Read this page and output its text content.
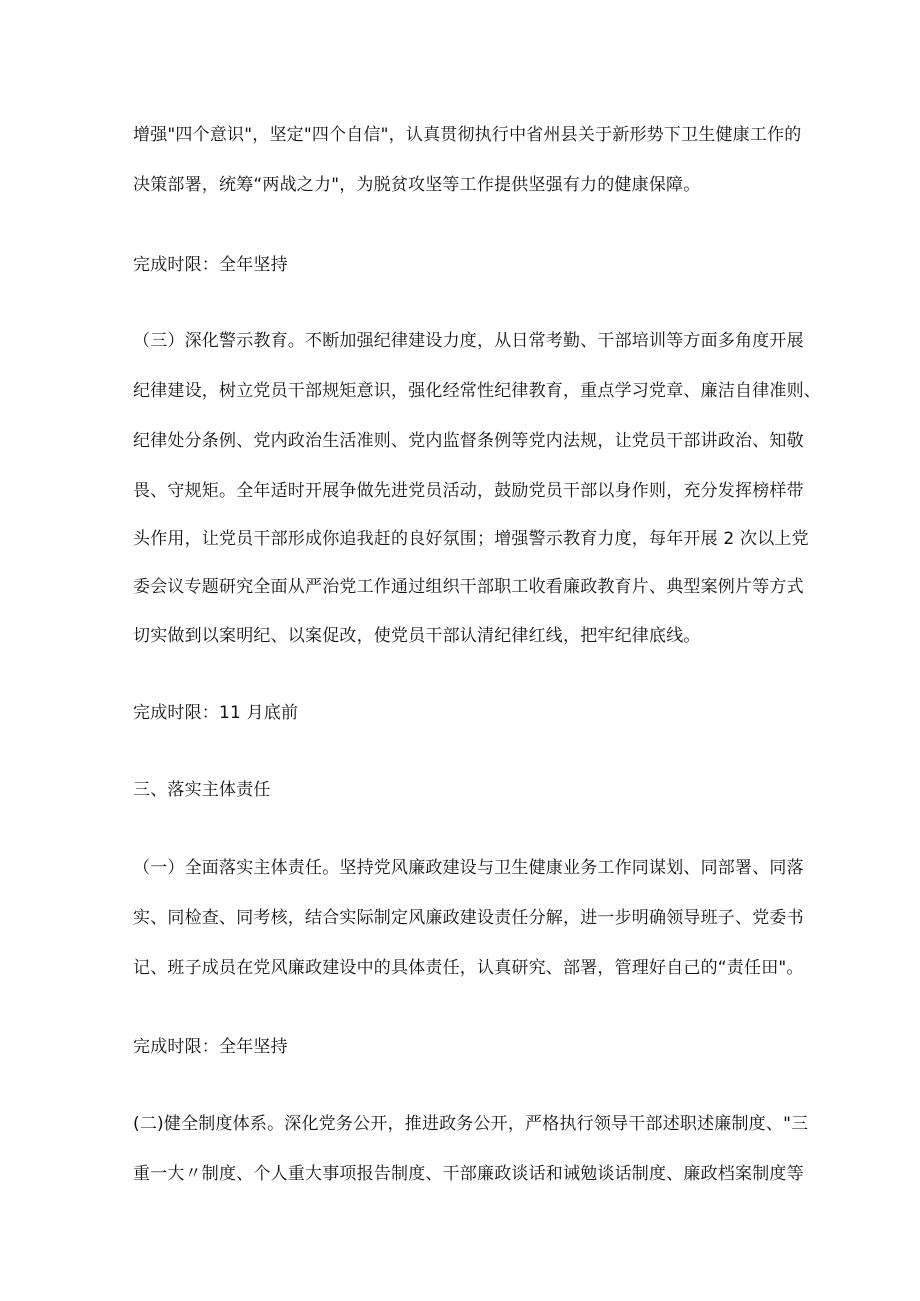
增强"四个意识"，坚定"四个自信"，认真贯彻执行中省州县关于新形势下卫生健康工作的
决策部署，统筹“两战之力"，为脱贫攻坚等工作提供坚强有力的健康保障。
完成时限：全年坚持
（三）深化警示教育。不断加强纪律建设力度，从日常考勤、干部培训等方面多角度开展
纪律建设，树立党员干部规矩意识，强化经常性纪律教育，重点学习党章、廉洁自律准则、
纪律处分条例、党内政治生活准则、党内监督条例等党内法规，让党员干部讲政治、知敬
畏、守规矩。全年适时开展争做先进党员活动，鼓励党员干部以身作则，充分发挥榜样带
头作用，让党员干部形成你追我赶的良好氛围；增强警示教育力度，每年开展 2 次以上党
委会议专题研究全面从严治党工作通过组织干部职工收看廉政教育片、典型案例片等方式
切实做到以案明纪、以案促改，使党员干部认清纪律红线，把牢纪律底线。
完成时限：11 月底前
三、落实主体责任
（一）全面落实主体责任。坚持党风廉政建设与卫生健康业务工作同谋划、同部署、同落
实、同检查、同考核，结合实际制定风廉政建设责任分解，进一步明确领导班子、党委书
记、班子成员在党风廉政建设中的具体责任，认真研究、部署，管理好自己的“责任田"。
完成时限：全年坚持
(二)健全制度体系。深化党务公开，推进政务公开，严格执行领导干部述职述廉制度、"三
重一大〃制度、个人重大事项报告制度、干部廉政谈话和诫勉谈话制度、廉政档案制度等
